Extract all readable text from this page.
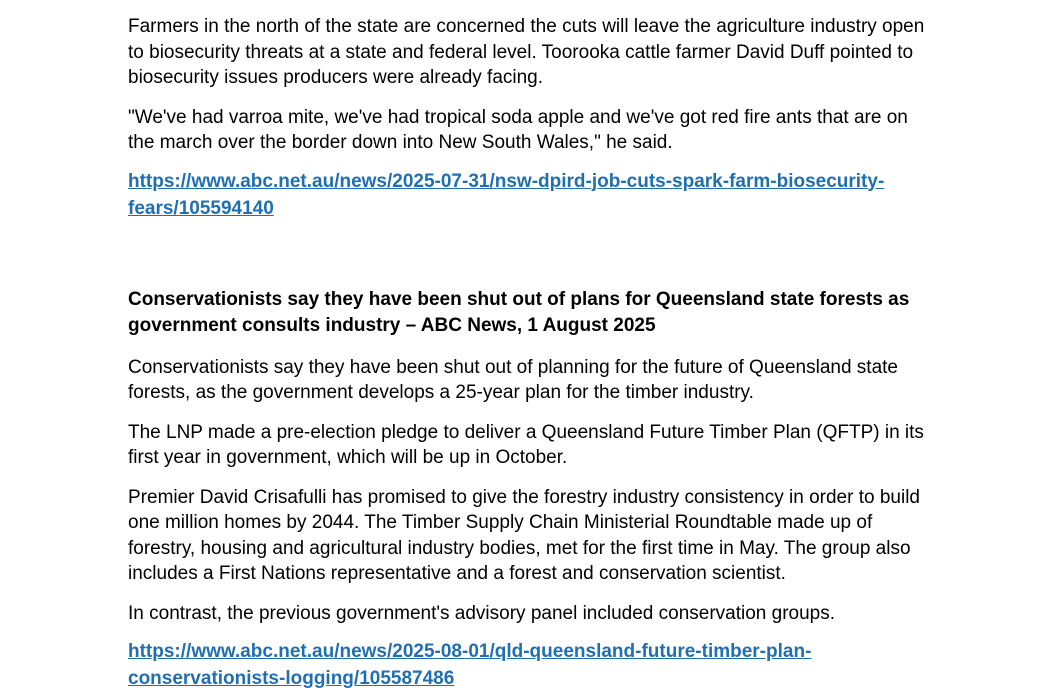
Farmers in the north of the state are concerned the cuts will leave the agriculture industry open to biosecurity threats at a state and federal level. Toorooka cattle farmer David Duff pointed to biosecurity issues producers were already facing.

"We've had varroa mite, we've had tropical soda apple and we've got red fire ants that are on the march over the border down into New South Wales," he said.

https://www.abc.net.au/news/2025-07-31/nsw-dpird-job-cuts-spark-farm-biosecurity-fears/105594140

Conservationists say they have been shut out of plans for Queensland state forests as government consults industry – ABC News, 1 August 2025

Conservationists say they have been shut out of planning for the future of Queensland state forests, as the government develops a 25-year plan for the timber industry.

The LNP made a pre-election pledge to deliver a Queensland Future Timber Plan (QFTP) in its first year in government, which will be up in October.

Premier David Crisafulli has promised to give the forestry industry consistency in order to build one million homes by 2044. The Timber Supply Chain Ministerial Roundtable made up of forestry, housing and agricultural industry bodies, met for the first time in May. The group also includes a First Nations representative and a forest and conservation scientist.

In contrast, the previous government's advisory panel included conservation groups.

https://www.abc.net.au/news/2025-08-01/qld-queensland-future-timber-plan-conservationists-logging/105587486
